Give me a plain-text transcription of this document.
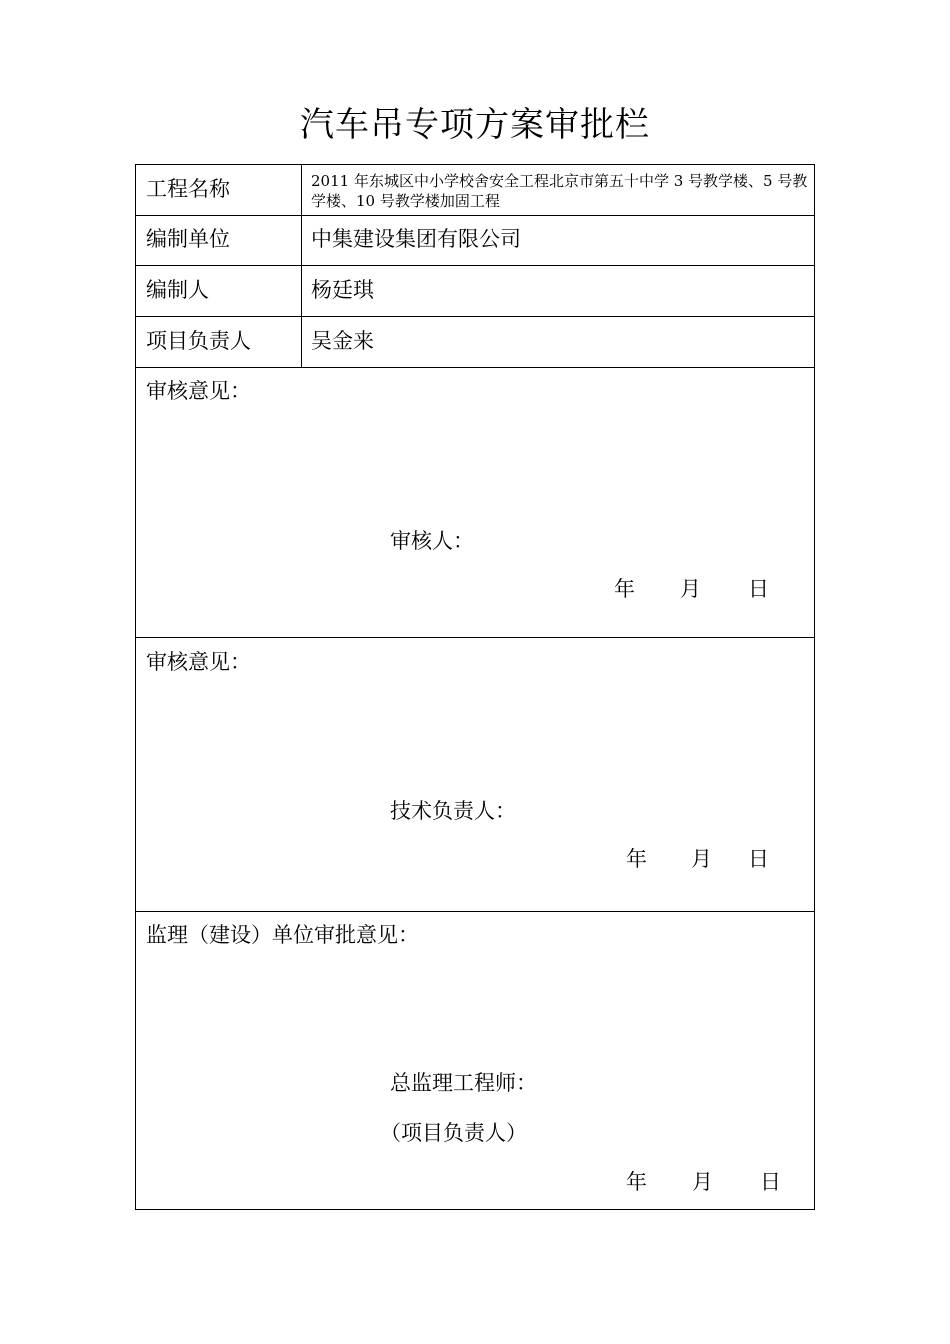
汽车吊专项方案审批栏
工程名称	2011 年东城区中小学校舍安全工程北京市第五十中学 3 号教学楼、5 号教学楼、10 号教学楼加固工程
编制单位	中集建设集团有限公司
编制人	杨廷琪
项目负责人	吴金来
审核意见：
审核人：
年 月 日
审核意见：
技术负责人：
年 月 日
监理（建设）单位审批意见：
总监理工程师：
（项目负责人）
年 月 日
